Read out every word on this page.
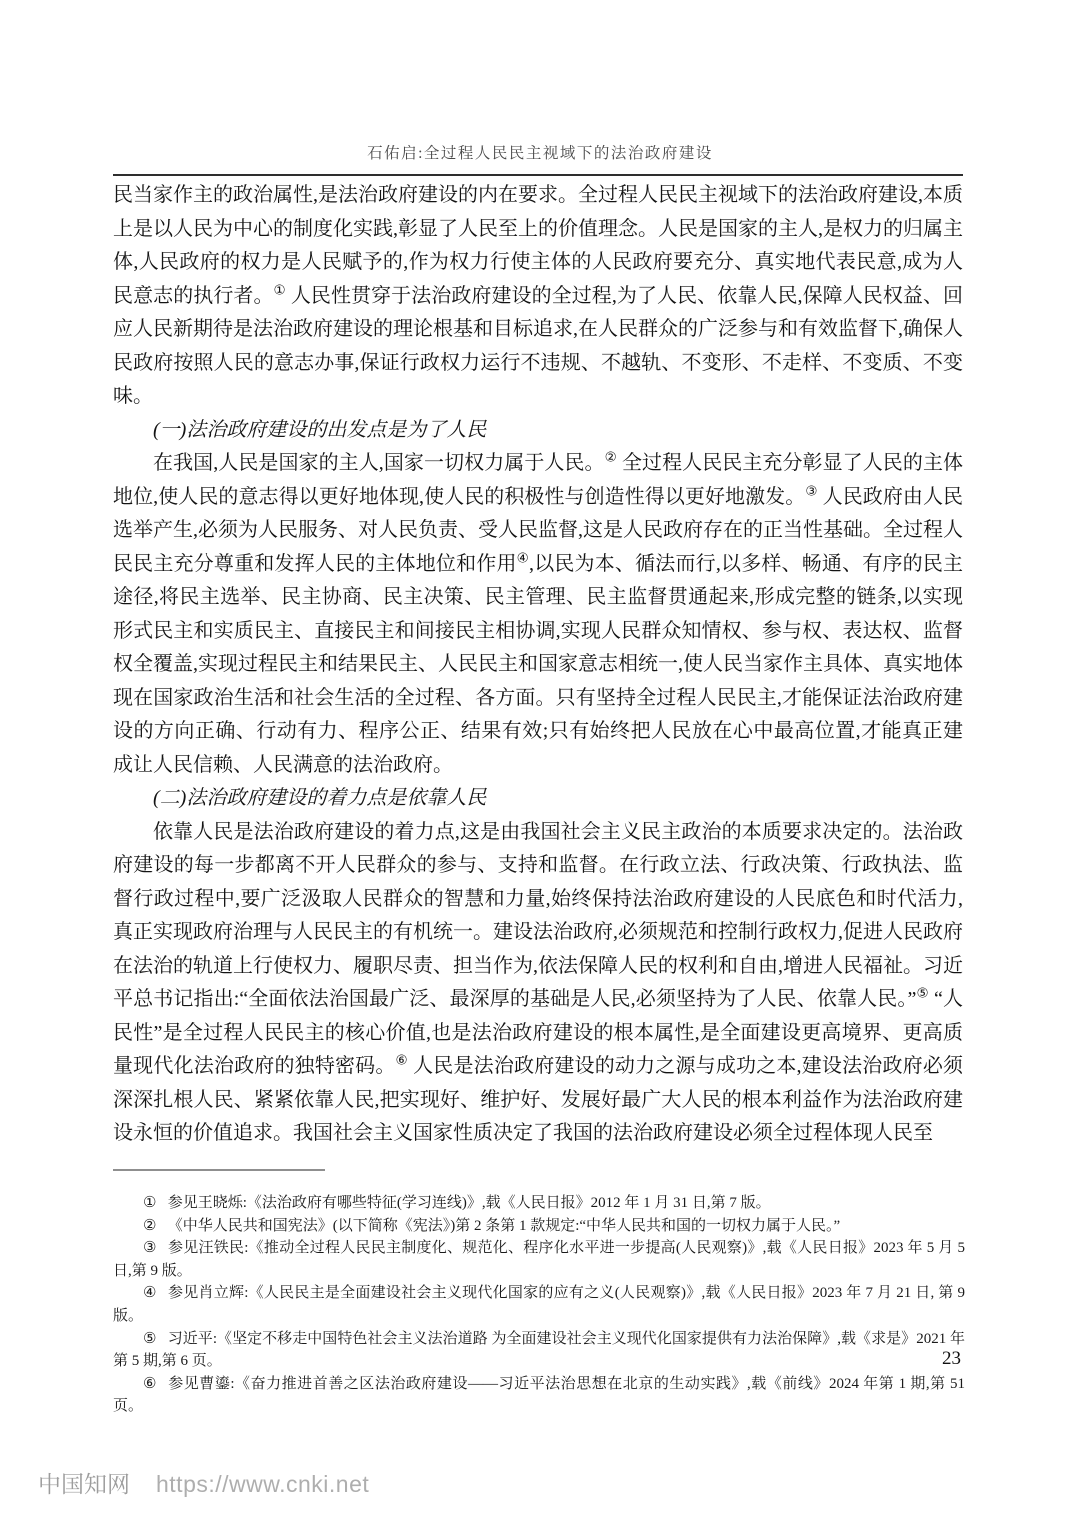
石佑启:全过程人民民主视域下的法治政府建设

民当家作主的政治属性,是法治政府建设的内在要求。全过程人民民主视域下的法治政府建设,本质上是以人民为中心的制度化实践,彰显了人民至上的价值理念。人民是国家的主人,是权力的归属主体,人民政府的权力是人民赋予的,作为权力行使主体的人民政府要充分、真实地代表民意,成为人民意志的执行者。① 人民性贯穿于法治政府建设的全过程,为了人民、依靠人民,保障人民权益、回应人民新期待是法治政府建设的理论根基和目标追求,在人民群众的广泛参与和有效监督下,确保人民政府按照人民的意志办事,保证行政权力运行不违规、不越轨、不变形、不走样、不变质、不变味。

(一)法治政府建设的出发点是为了人民

在我国,人民是国家的主人,国家一切权力属于人民。② 全过程人民民主充分彰显了人民的主体地位,使人民的意志得以更好地体现,使人民的积极性与创造性得以更好地激发。③ 人民政府由人民选举产生,必须为人民服务、对人民负责、受人民监督,这是人民政府存在的正当性基础。全过程人民民主充分尊重和发挥人民的主体地位和作用④,以民为本、循法而行,以多样、畅通、有序的民主途径,将民主选举、民主协商、民主决策、民主管理、民主监督贯通起来,形成完整的链条,以实现形式民主和实质民主、直接民主和间接民主相协调,实现人民群众知情权、参与权、表达权、监督权全覆盖,实现过程民主和结果民主、人民民主和国家意志相统一,使人民当家作主具体、真实地体现在国家政治生活和社会生活的全过程、各方面。只有坚持全过程人民民主,才能保证法治政府建设的方向正确、行动有力、程序公正、结果有效;只有始终把人民放在心中最高位置,才能真正建成让人民信赖、人民满意的法治政府。

(二)法治政府建设的着力点是依靠人民

依靠人民是法治政府建设的着力点,这是由我国社会主义民主政治的本质要求决定的。法治政府建设的每一步都离不开人民群众的参与、支持和监督。在行政立法、行政决策、行政执法、监督行政过程中,要广泛汲取人民群众的智慧和力量,始终保持法治政府建设的人民底色和时代活力,真正实现政府治理与人民民主的有机统一。建设法治政府,必须规范和控制行政权力,促进人民政府在法治的轨道上行使权力、履职尽责、担当作为,依法保障人民的权利和自由,增进人民福祉。习近平总书记指出:“全面依法治国最广泛、最深厚的基础是人民,必须坚持为了人民、依靠人民。”⑤ “人民性”是全过程人民民主的核心价值,也是法治政府建设的根本属性,是全面建设更高境界、更高质量现代化法治政府的独特密码。⑥ 人民是法治政府建设的动力之源与成功之本,建设法治政府必须深深扎根人民、紧紧依靠人民,把实现好、维护好、发展好最广大人民的根本利益作为法治政府建设永恒的价值追求。我国社会主义国家性质决定了我国的法治政府建设必须全过程体现人民至

① 参见王晓烁:《法治政府有哪些特征(学习连线)》,载《人民日报》2012 年 1 月 31 日,第 7 版。
② 《中华人民共和国宪法》(以下简称《宪法》)第 2 条第 1 款规定:“中华人民共和国的一切权力属于人民。”
③ 参见汪铁民:《推动全过程人民民主制度化、规范化、程序化水平进一步提高(人民观察)》,载《人民日报》2023 年 5 月 5 日,第 9 版。
④ 参见肖立辉:《人民民主是全面建设社会主义现代化国家的应有之义(人民观察)》,载《人民日报》2023 年 7 月 21 日, 第 9 版。
⑤ 习近平:《坚定不移走中国特色社会主义法治道路 为全面建设社会主义现代化国家提供有力法治保障》,载《求是》2021 年第 5 期,第 6 页。
⑥ 参见曹鎏:《奋力推进首善之区法治政府建设——习近平法治思想在北京的生动实践》,载《前线》2024 年第 1 期,第 51 页。
23
中国知网 https://www.cnki.net
